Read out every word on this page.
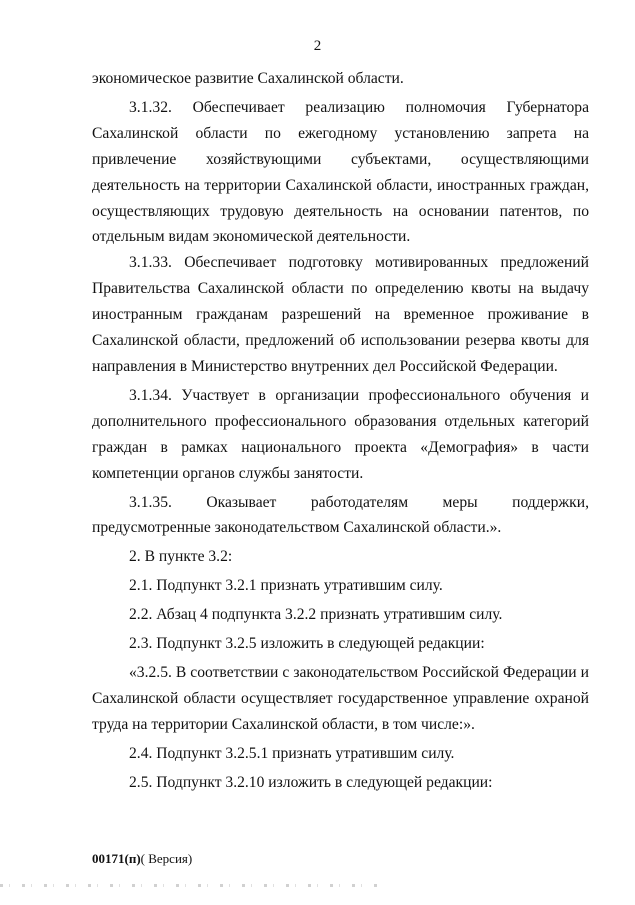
2

экономическое развитие Сахалинской области.

3.1.32. Обеспечивает реализацию полномочия Губернатора Сахалинской области по ежегодному установлению запрета на привлечение хозяйствующими субъектами, осуществляющими деятельность на территории Сахалинской области, иностранных граждан, осуществляющих трудовую деятельность на основании патентов, по отдельным видам экономической деятельности.

3.1.33. Обеспечивает подготовку мотивированных предложений Правительства Сахалинской области по определению квоты на выдачу иностранным гражданам разрешений на временное проживание в Сахалинской области, предложений об использовании резерва квоты для направления в Министерство внутренних дел Российской Федерации.

3.1.34. Участвует в организации профессионального обучения и дополнительного профессионального образования отдельных категорий граждан в рамках национального проекта «Демография» в части компетенции органов службы занятости.

3.1.35. Оказывает работодателям меры поддержки, предусмотренные законодательством Сахалинской области.».

2. В пункте 3.2:

2.1. Подпункт 3.2.1 признать утратившим силу.

2.2. Абзац 4 подпункта 3.2.2 признать утратившим силу.

2.3. Подпункт 3.2.5 изложить в следующей редакции:

«3.2.5. В соответствии с законодательством Российской Федерации и Сахалинской области осуществляет государственное управление охраной труда на территории Сахалинской области, в том числе:».

2.4. Подпункт 3.2.5.1 признать утратившим силу.

2.5. Подпункт 3.2.10 изложить в следующей редакции:

00171(п)( Версия)
